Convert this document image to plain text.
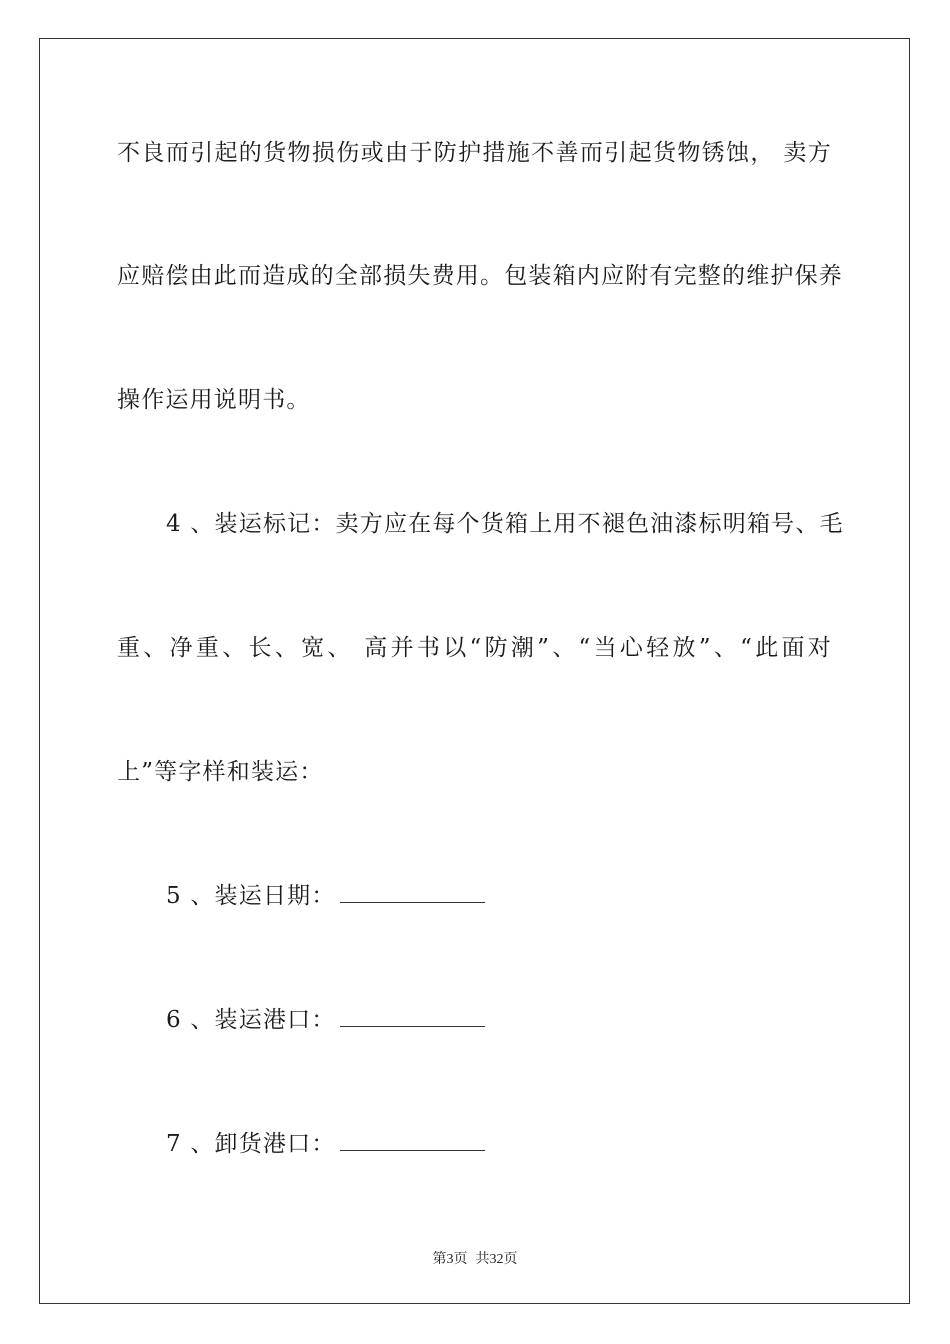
不良而引起的货物损伤或由于防护措施不善而引起货物锈蚀， 卖方
应赔偿由此而造成的全部损失费用。包装箱内应附有完整的维护保养
操作运用说明书。
4 、装运标记：卖方应在每个货箱上用不褪色油漆标明箱号、毛
重、净重、长、宽、 高并书以“防潮”、“当心轻放”、“此面对
上”等字样和装运：
5 、装运日期：
6 、装运港口：
7 、卸货港口：
第3页 共32页
